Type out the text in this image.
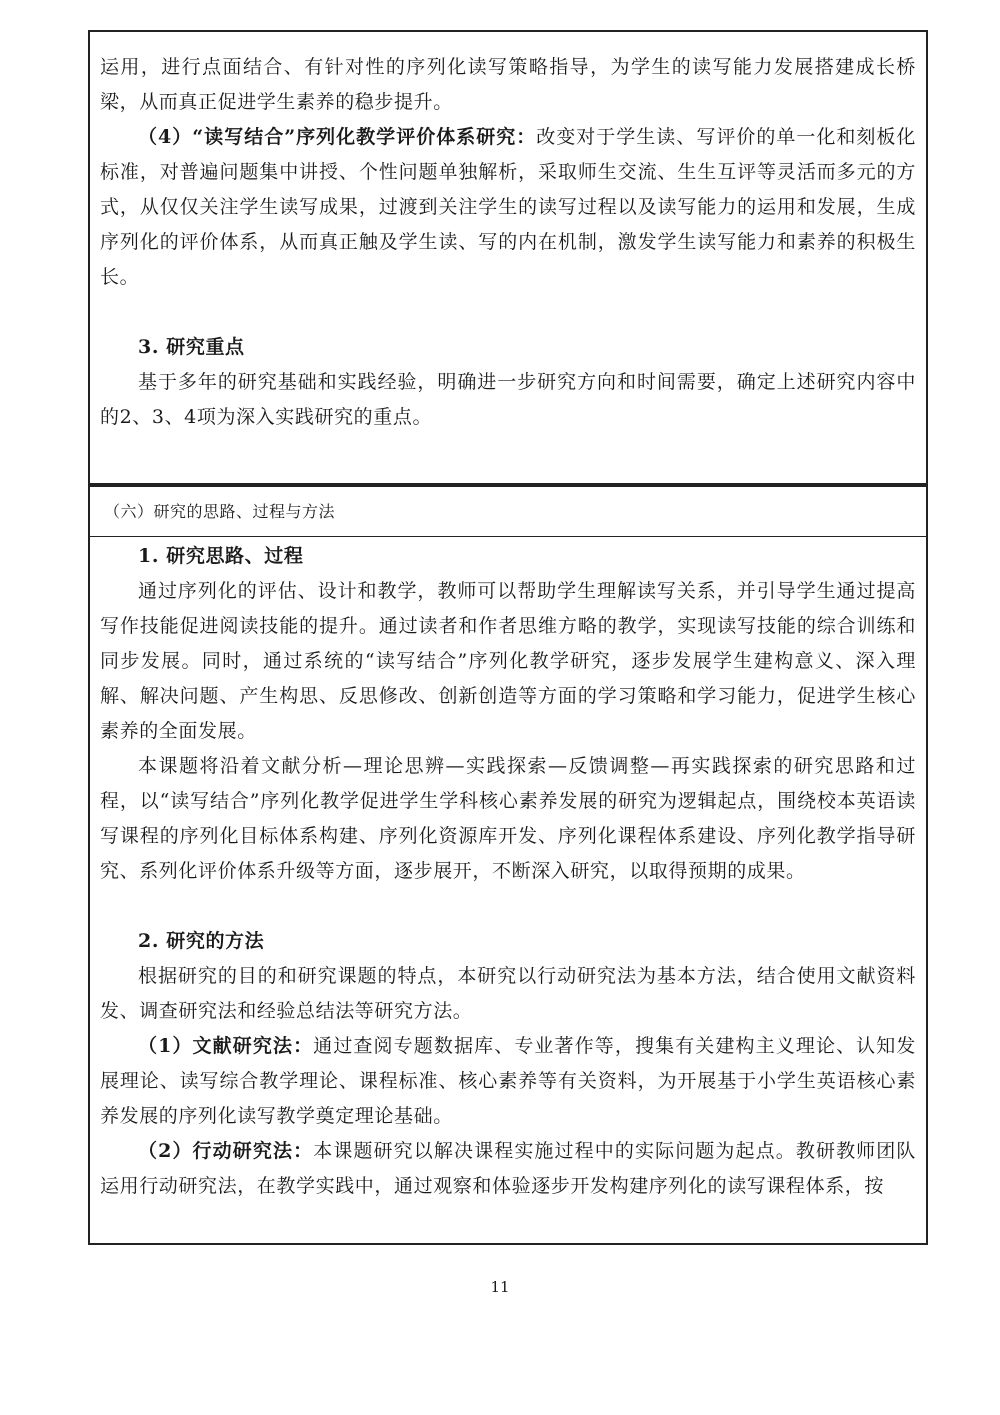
运用，进行点面结合、有针对性的序列化读写策略指导，为学生的读写能力发展搭建成长桥梁，从而真正促进学生素养的稳步提升。

（4）“读写结合”序列化教学评价体系研究：改变对于学生读、写评价的单一化和刻板化标准，对普遍问题集中讲授、个性问题单独解析，采取师生交流、生生互评等灵活而多元的方式，从仅仅关注学生读写成果，过渡到关注学生的读写过程以及读写能力的运用和发展，生成序列化的评价体系，从而真正触及学生读、写的内在机制，激发学生读写能力和素养的积极生长。

3. 研究重点

基于多年的研究基础和实践经验，明确进一步研究方向和时间需要，确定上述研究内容中的2、3、4项为深入实践研究的重点。

（六）研究的思路、过程与方法

1. 研究思路、过程

通过序列化的评估、设计和教学，教师可以帮助学生理解读写关系，并引导学生通过提高写作技能促进阅读技能的提升。通过读者和作者思维方略的教学，实现读写技能的综合训练和同步发展。同时，通过系统的“读写结合”序列化教学研究，逐步发展学生建构意义、深入理解、解决问题、产生构思、反思修改、创新创造等方面的学习策略和学习能力，促进学生核心素养的全面发展。

本课题将沿着文献分析—理论思辨—实践探索—反馈调整—再实践探索的研究思路和过程，以“读写结合”序列化教学促进学生学科核心素养发展的研究为逻辑起点，围绕校本英语读写课程的序列化目标体系构建、序列化资源库开发、序列化课程体系建设、序列化教学指导研究、系列化评价体系升级等方面，逐步展开，不断深入研究，以取得预期的成果。

2. 研究的方法

根据研究的目的和研究课题的特点，本研究以行动研究法为基本方法，结合使用文献资料发、调查研究法和经验总结法等研究方法。

（1）文献研究法：通过查阅专题数据库、专业著作等，搜集有关建构主义理论、认知发展理论、读写综合教学理论、课程标准、核心素养等有关资料，为开展基于小学生英语核心素养发展的序列化读写教学奠定理论基础。

（2）行动研究法：本课题研究以解决课程实施过程中的实际问题为起点。教研教师团队运用行动研究法，在教学实践中，通过观察和体验逐步开发构建序列化的读写课程体系，按

11
